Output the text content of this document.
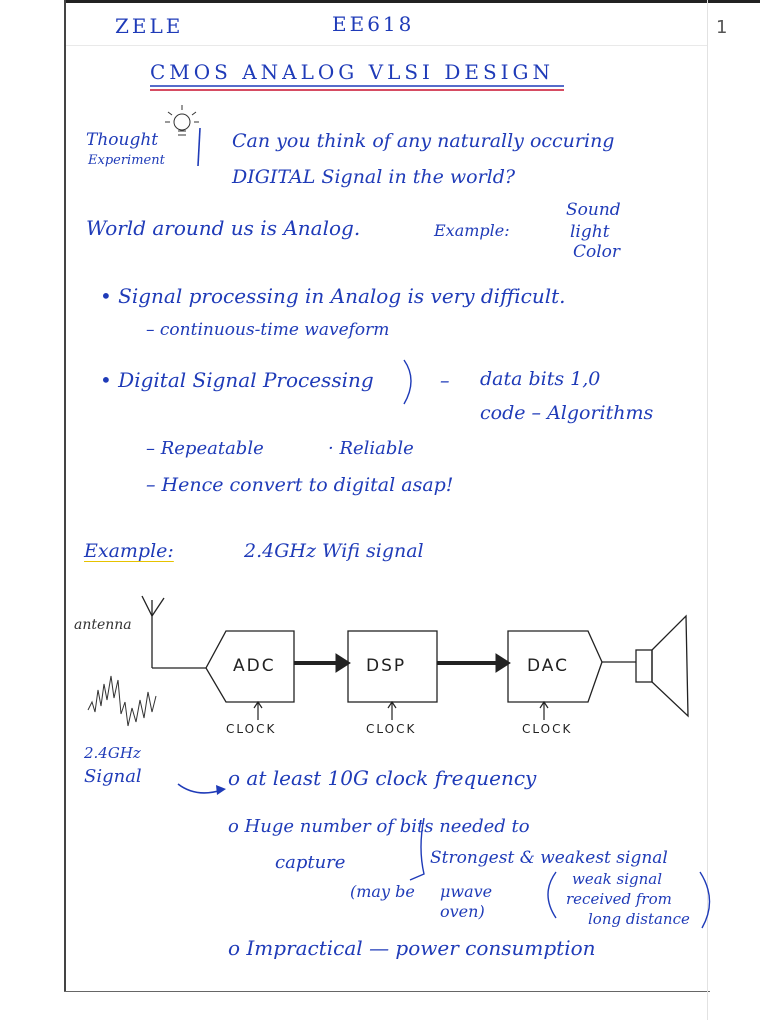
ZELE	EE618	1
CMOS ANALOG VLSI DESIGN
Thought
Experiment
Can you think of any naturally occuring
DIGITAL Signal in the world?
World around us is Analog.	Example:
Sound
light
Color
• Signal processing in Analog is very difficult.
– continuous-time waveform
• Digital Signal Processing	– data bits 1,0
code – Algorithms
– Repeatable	· Reliable
– Hence convert to digital asap!
Example:	2.4GHz Wifi signal
antenna
ADC	DSP	DAC
CLOCK	CLOCK	CLOCK
2.4GHz
Signal	o at least 10G clock frequency
o Huge number of bits needed to
capture	Strongest & weakest signal
(may be μwave
oven)
weak signal
received from
long distance
o Impractical — power consumption
